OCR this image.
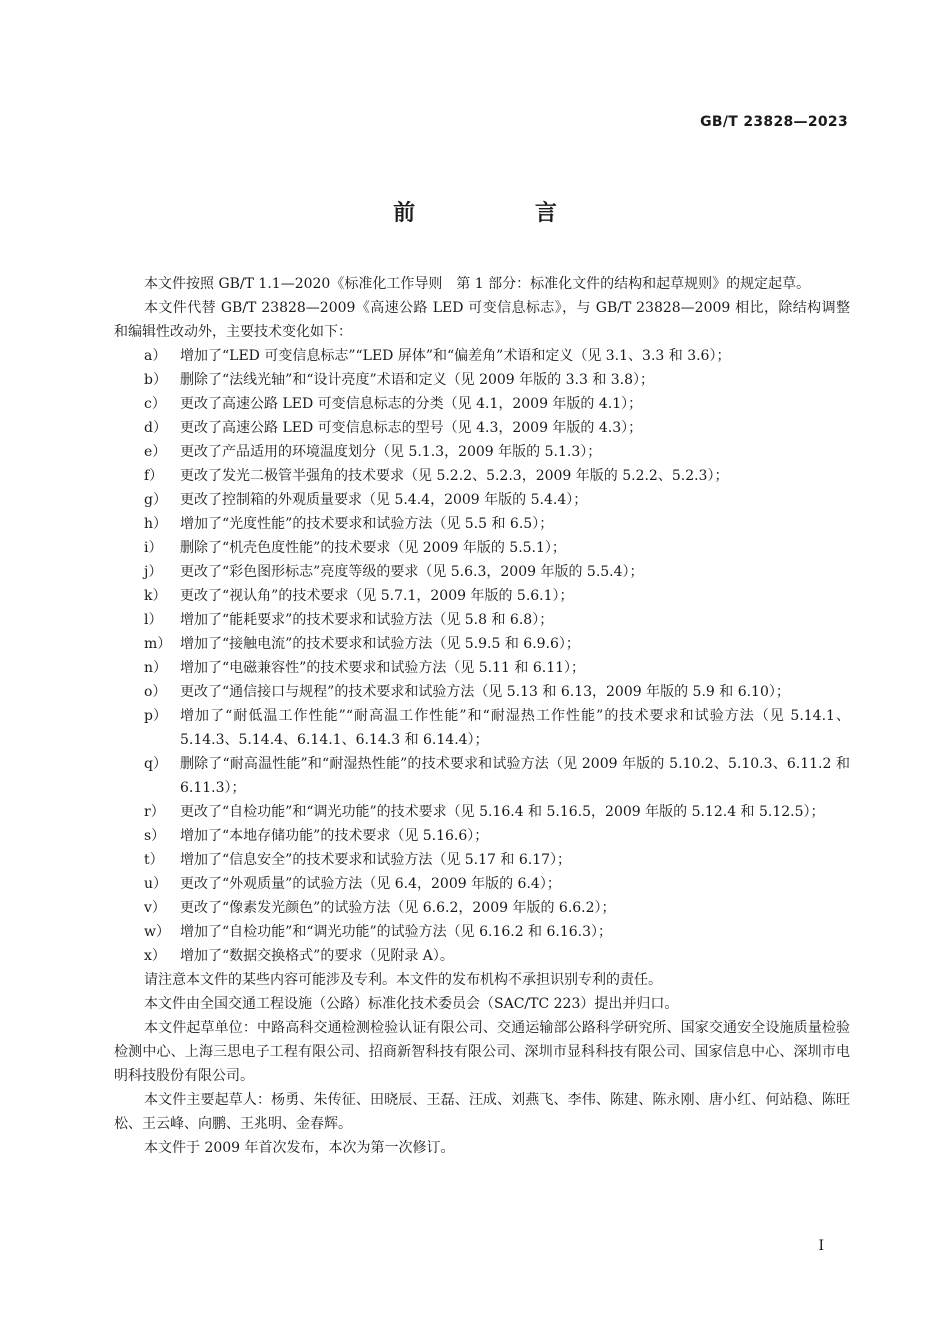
GB/T 23828—2023
前 言

本文件按照 GB/T 1.1—2020《标准化工作导则　第 1 部分：标准化文件的结构和起草规则》的规定起草。

本文件代替 GB/T 23828—2009《高速公路 LED 可变信息标志》，与 GB/T 23828—2009 相比，除结构调整和编辑性改动外，主要技术变化如下：

a） 增加了“LED 可变信息标志”“LED 屏体”和“偏差角”术语和定义（见 3.1、3.3 和 3.6）；
b） 删除了“法线光轴”和“设计亮度”术语和定义（见 2009 年版的 3.3 和 3.8）；
c）	更改了高速公路 LED 可变信息标志的分类（见 4.1，2009 年版的 4.1）；
d） 更改了高速公路 LED 可变信息标志的型号（见 4.3，2009 年版的 4.3）；
e） 更改了产品适用的环境温度划分（见 5.1.3，2009 年版的 5.1.3）；
f）	更改了发光二极管半强角的技术要求（见 5.2.2、5.2.3，2009 年版的 5.2.2、5.2.3）；
g） 更改了控制箱的外观质量要求（见 5.4.4，2009 年版的 5.4.4）；
h） 增加了“光度性能”的技术要求和试验方法（见 5.5 和 6.5）；
i）	删除了“机壳色度性能”的技术要求（见 2009 年版的 5.5.1）；
j）	更改了“彩色图形标志”亮度等级的要求（见 5.6.3，2009 年版的 5.5.4）；
k） 更改了“视认角”的技术要求（见 5.7.1，2009 年版的 5.6.1）；
l）	增加了“能耗要求”的技术要求和试验方法（见 5.8 和 6.8）；
m） 增加了“接触电流”的技术要求和试验方法（见 5.9.5 和 6.9.6）；
n） 增加了“电磁兼容性”的技术要求和试验方法（见 5.11 和 6.11）；
o） 更改了“通信接口与规程”的技术要求和试验方法（见 5.13 和 6.13，2009 年版的 5.9 和 6.10）；
p） 增加了“耐低温工作性能”“耐高温工作性能”和“耐湿热工作性能”的技术要求和试验方法（见 5.14.1、5.14.3、5.14.4、6.14.1、6.14.3 和 6.14.4）；
q） 删除了“耐高温性能”和“耐湿热性能”的技术要求和试验方法（见 2009 年版的 5.10.2、5.10.3、6.11.2 和 6.11.3）；
r）	更改了“自检功能”和“调光功能”的技术要求（见 5.16.4 和 5.16.5，2009 年版的 5.12.4 和 5.12.5）；
s）	增加了“本地存储功能”的技术要求（见 5.16.6）；
t）	增加了“信息安全”的技术要求和试验方法（见 5.17 和 6.17）；
u） 更改了“外观质量”的试验方法（见 6.4，2009 年版的 6.4）；
v）	更改了“像素发光颜色”的试验方法（见 6.6.2，2009 年版的 6.6.2）；
w） 增加了“自检功能”和“调光功能”的试验方法（见 6.16.2 和 6.16.3）；
x）	增加了“数据交换格式”的要求（见附录 A）。

请注意本文件的某些内容可能涉及专利。本文件的发布机构不承担识别专利的责任。

本文件由全国交通工程设施（公路）标准化技术委员会（SAC/TC 223）提出并归口。

本文件起草单位：中路高科交通检测检验认证有限公司、交通运输部公路科学研究所、国家交通安全设施质量检验检测中心、上海三思电子工程有限公司、招商新智科技有限公司、深圳市显科科技有限公司、国家信息中心、深圳市电明科技股份有限公司。

本文件主要起草人：杨勇、朱传征、田晓辰、王磊、汪成、刘燕飞、李伟、陈建、陈永刚、唐小红、何站稳、陈旺松、王云峰、向鹏、王兆明、金春辉。

本文件于 2009 年首次发布，本次为第一次修订。

I
